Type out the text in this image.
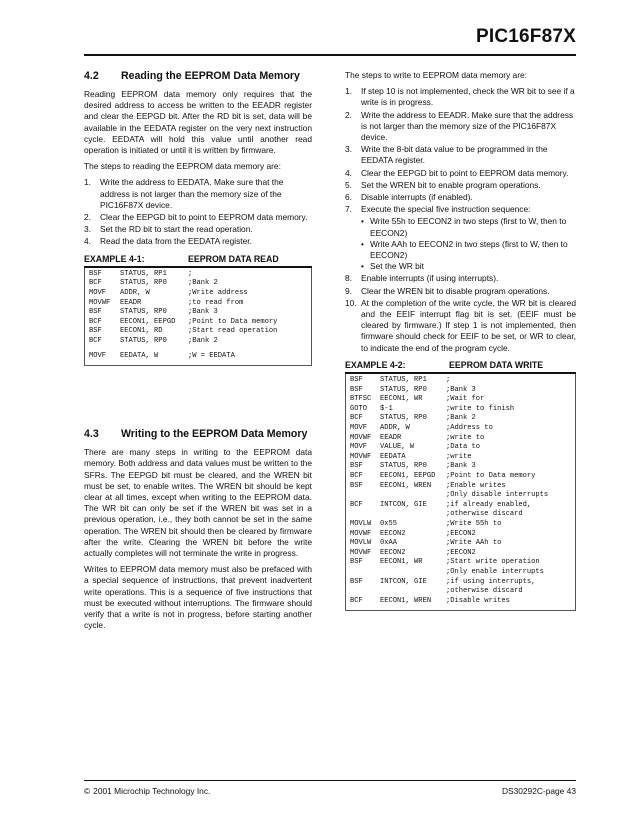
PIC16F87X
4.2	Reading the EEPROM Data Memory

Reading EEPROM data memory only requires that the desired address to access be written to the EEADR register and clear the EEPGD bit. After the RD bit is set, data will be available in the EEDATA register on the very next instruction cycle. EEDATA will hold this value until another read operation is initiated or until it is written by firmware.

The steps to reading the EEPROM data memory are:

1.	Write the address to EEDATA. Make sure that the address is not larger than the memory size of the PIC16F87X device.
2.	Clear the EEPGD bit to point to EEPROM data memory.
3.	Set the RD bit to start the read operation.
4.	Read the data from the EEDATA register.
EXAMPLE 4-1:	EEPROM DATA READ
BSF	STATUS, RP1	;
BCF	STATUS, RP0	;Bank 2
MOVF	ADDR, W	;Write address
MOVWF	EEADR	;to read from
BSF	STATUS, RP0	;Bank 3
BCF	EECON1, EEPGD	;Point to Data memory
BSF	EECON1, RD	;Start read operation
BCF	STATUS, RP0	;Bank 2
MOVF	EEDATA, W	;W = EEDATA
4.3	Writing to the EEPROM Data Memory

There are many steps in writing to the EEPROM data memory. Both address and data values must be written to the SFRs. The EEPGD bit must be cleared, and the WREN bit must be set, to enable writes. The WREN bit should be kept clear at all times, except when writing to the EEPROM data. The WR bit can only be set if the WREN bit was set in a previous operation, i.e., they both cannot be set in the same operation. The WREN bit should then be cleared by firmware after the write. Clearing the WREN bit before the write actually completes will not terminate the write in progress.

Writes to EEPROM data memory must also be prefaced with a special sequence of instructions, that prevent inadvertent write operations. This is a sequence of five instructions that must be executed without interruptions. The firmware should verify that a write is not in progress, before starting another cycle.

The steps to write to EEPROM data memory are:

1.	If step 10 is not implemented, check the WR bit to see if a write is in progress.
2.	Write the address to EEADR. Make sure that the address is not larger than the memory size of the PIC16F87X device.
3.	Write the 8-bit data value to be programmed in the EEDATA register.
4.	Clear the EEPGD bit to point to EEPROM data memory.
5.	Set the WREN bit to enable program operations.
6.	Disable interrupts (if enabled).
7.	Execute the special five instruction sequence:
• Write 55h to EECON2 in two steps (first to W, then to EECON2)
• Write AAh to EECON2 in two steps (first to W, then to EECON2)
• Set the WR bit
8.	Enable interrupts (if using interrupts).
9.	Clear the WREN bit to disable program operations.
10. At the completion of the write cycle, the WR bit is cleared and the EEIF interrupt flag bit is set. (EEIF must be cleared by firmware.) If step 1 is not implemented, then firmware should check for EEIF to be set, or WR to clear, to indicate the end of the program cycle.
EXAMPLE 4-2:	EEPROM DATA WRITE
BSF	STATUS, RP1	;
BSF	STATUS, RP0	;Bank 3
BTFSC	EECON1, WR	;Wait for
GOTO	$-1	;write to finish
BCF	STATUS, RP0	;Bank 2
MOVF	ADDR, W	;Address to
MOVWF	EEADR	;write to
MOVF	VALUE, W	;Data to
MOVWF	EEDATA	;write
BSF	STATUS, RP0	;Bank 3
BCF	EECON1, EEPGD	;Point to Data memory
BSF	EECON1, WREN	;Enable writes
;Only disable interrupts
BCF	INTCON, GIE	;if already enabled,
;otherwise discard
MOVLW	0x55	;Write 55h to
MOVWF	EECON2	;EECON2
MOVLW	0xAA	;Write AAh to
MOVWF	EECON2	;EECON2
BSF	EECON1, WR	;Start write operation
;Only enable interrupts
BSF	INTCON, GIE	;if using interrupts,
;otherwise discard
BCF	EECON1, WREN	;Disable writes
© 2001 Microchip Technology Inc.	DS30292C-page 43
